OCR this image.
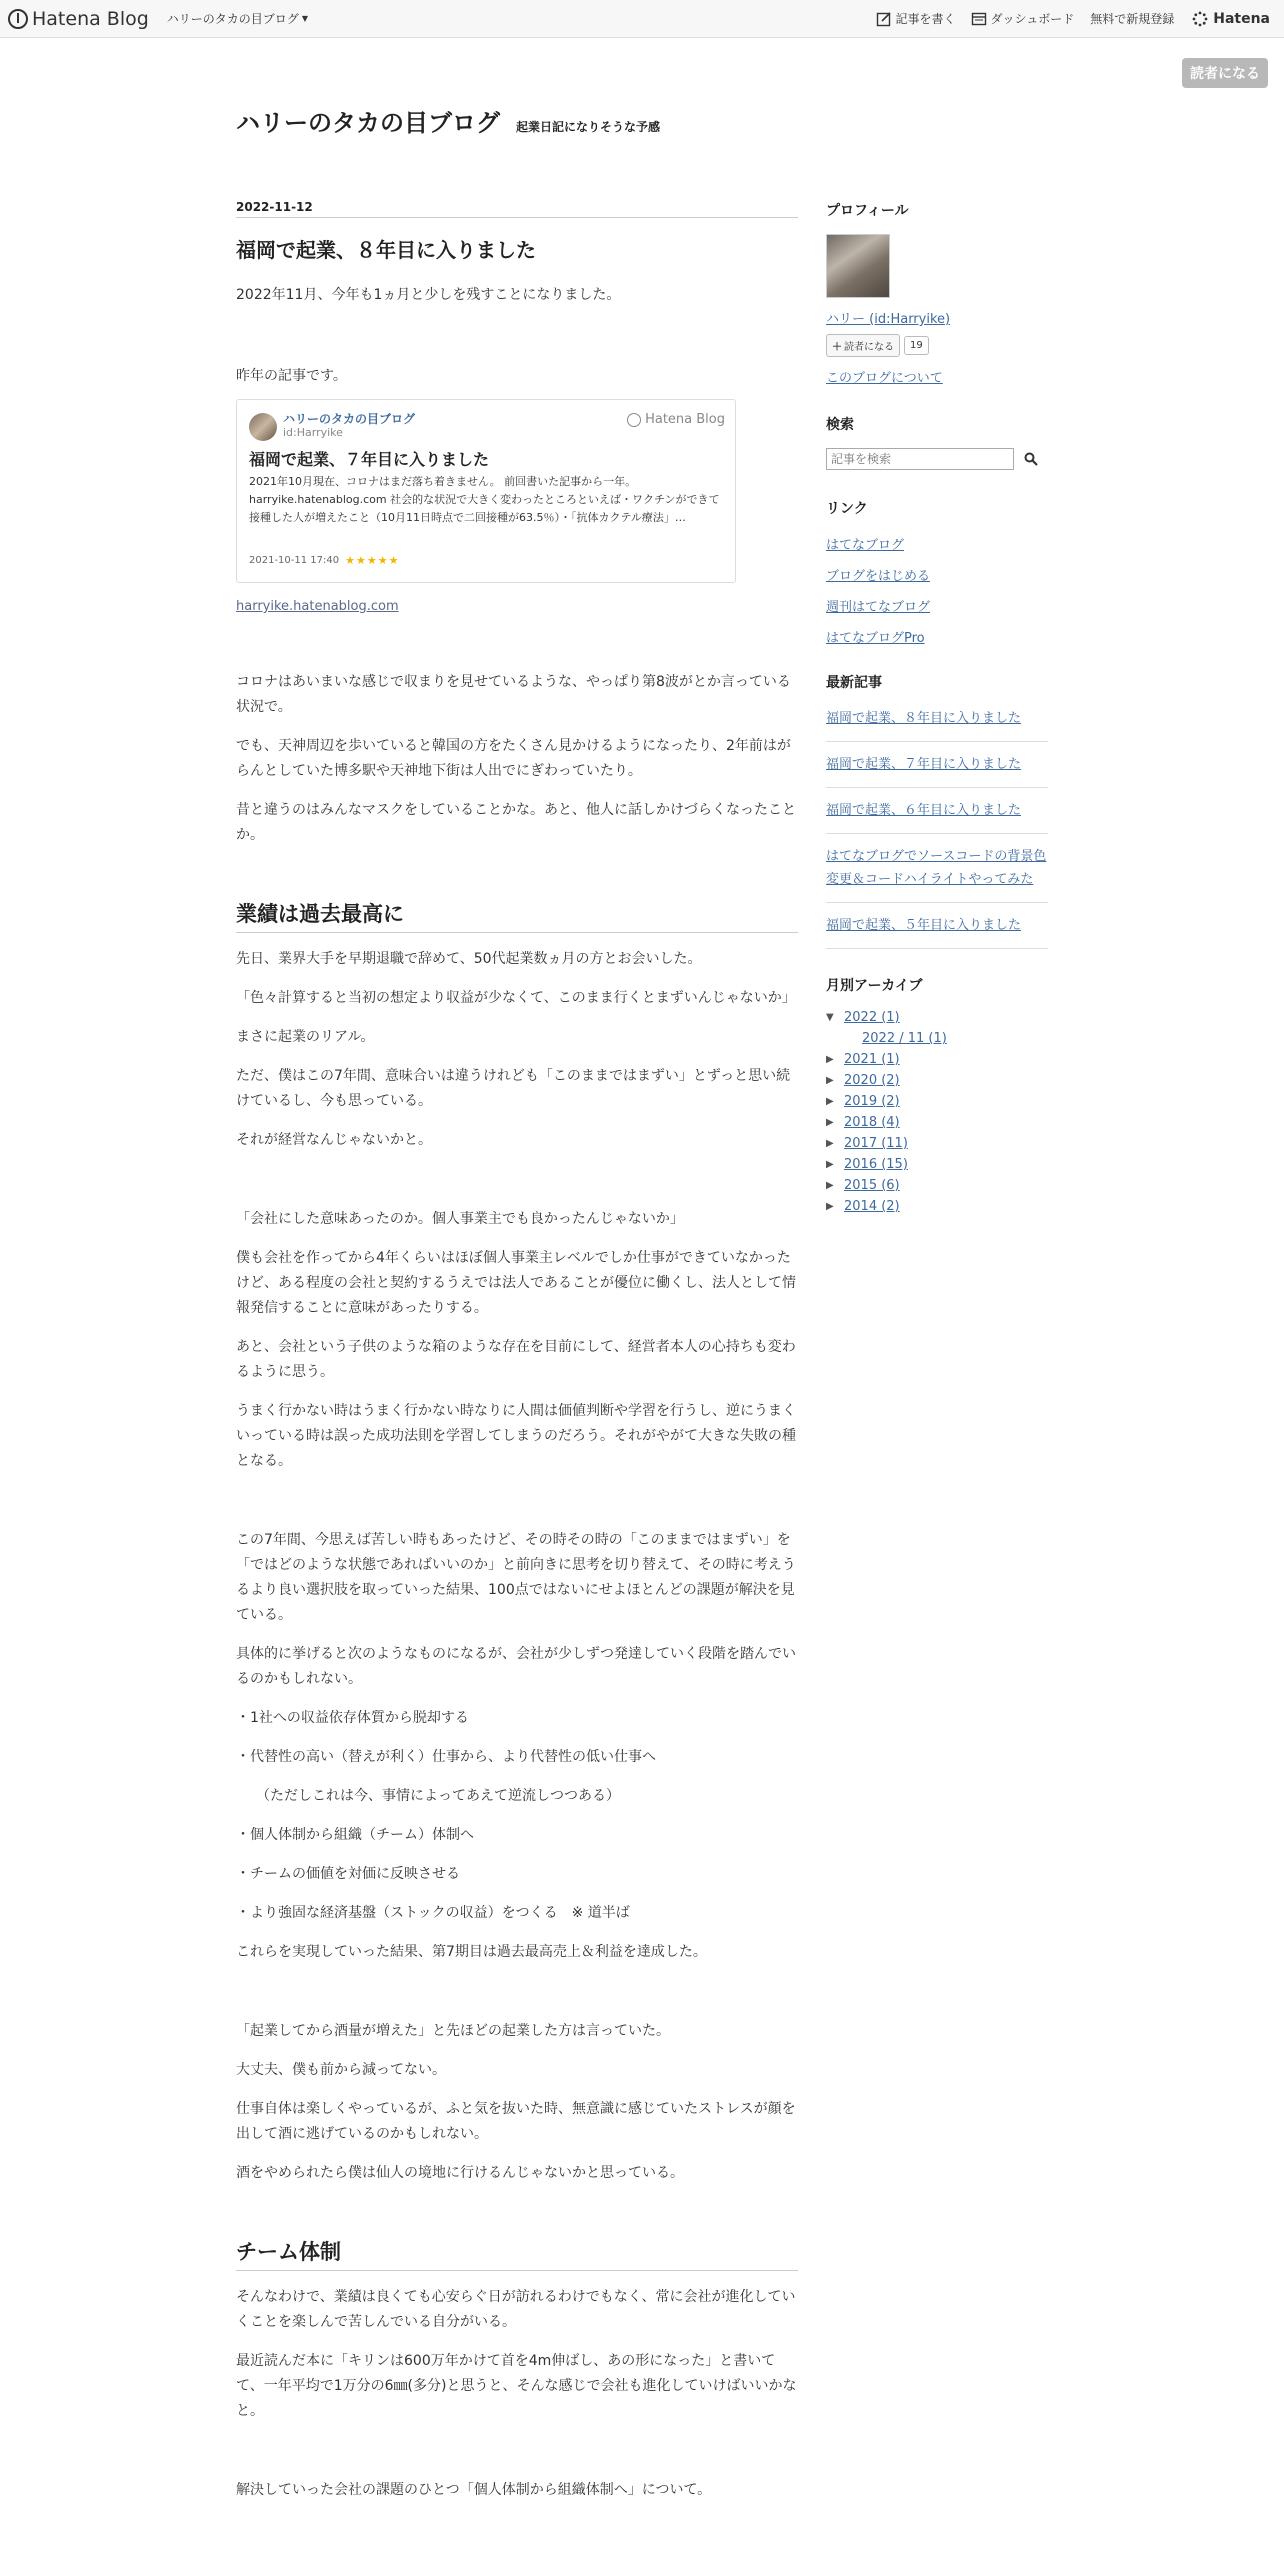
Hatena Blog ハリーのタカの目ブログ ▼	記事を書く	ダッシュボード 無料で新規登録	Hatena
読者になる
ハリーのタカの目ブログ 起業日記になりそうな予感
2022-11-12
福岡で起業、８年目に入りました
2022年11月、今年も1ヵ月と少しを残すことになりました。
昨年の記事です。
ハリーのタカの目ブログ
id:Harryike
Hatena Blog
福岡で起業、７年目に入りました
2021年10月現在、コロナはまだ落ち着きません。 前回書いた記事から一年。 harryike.hatenablog.com 社会的な状況で大きく変わったところといえば・ワクチンができて接種した人が増えたこと（10月11日時点で二回接種が63.5％）・「抗体カクテル療法」…
2021-10-11 17:40 ★★★★★
harryike.hatenablog.com
コロナはあいまいな感じで収まりを見せているような、やっぱり第8波がとか言っている状況で。
でも、天神周辺を歩いていると韓国の方をたくさん見かけるようになったり、2年前はがらんとしていた博多駅や天神地下街は人出でにぎわっていたり。
昔と違うのはみんなマスクをしていることかな。あと、他人に話しかけづらくなったことか。
業績は過去最高に
先日、業界大手を早期退職で辞めて、50代起業数ヵ月の方とお会いした。
「色々計算すると当初の想定より収益が少なくて、このまま行くとまずいんじゃないか」
まさに起業のリアル。
ただ、僕はこの7年間、意味合いは違うけれども「このままではまずい」とずっと思い続けているし、今も思っている。
それが経営なんじゃないかと。
「会社にした意味あったのか。個人事業主でも良かったんじゃないか」
僕も会社を作ってから4年くらいはほぼ個人事業主レベルでしか仕事ができていなかったけど、ある程度の会社と契約するうえでは法人であることが優位に働くし、法人として情報発信することに意味があったりする。
あと、会社という子供のような箱のような存在を目前にして、経営者本人の心持ちも変わるように思う。
うまく行かない時はうまく行かない時なりに人間は価値判断や学習を行うし、逆にうまくいっている時は誤った成功法則を学習してしまうのだろう。それがやがて大きな失敗の種となる。
この7年間、今思えば苦しい時もあったけど、その時その時の「このままではまずい」を「ではどのような状態であればいいのか」と前向きに思考を切り替えて、その時に考えうるより良い選択肢を取っていった結果、100点ではないにせよほとんどの課題が解決を見ている。
具体的に挙げると次のようなものになるが、会社が少しずつ発達していく段階を踏んでいるのかもしれない。
・1社への収益依存体質から脱却する
・代替性の高い（替えが利く）仕事から、より代替性の低い仕事へ
（ただしこれは今、事情によってあえて逆流しつつある）
・個人体制から組織（チーム）体制へ
・チームの価値を対価に反映させる
・より強固な経済基盤（ストックの収益）をつくる　※ 道半ば
これらを実現していった結果、第7期目は過去最高売上＆利益を達成した。
「起業してから酒量が増えた」と先ほどの起業した方は言っていた。
大丈夫、僕も前から減ってない。
仕事自体は楽しくやっているが、ふと気を抜いた時、無意識に感じていたストレスが顔を出して酒に逃げているのかもしれない。
酒をやめられたら僕は仙人の境地に行けるんじゃないかと思っている。
チーム体制
そんなわけで、業績は良くても心安らぐ日が訪れるわけでもなく、常に会社が進化していくことを楽しんで苦しんでいる自分がいる。
最近読んだ本に「キリンは600万年かけて首を4m伸ばし、あの形になった」と書いてて、一年平均で1万分の6㎜(多分)と思うと、そんな感じで会社も進化していけばいいかなと。
解決していった会社の課題のひとつ「個人体制から組織体制へ」について。
プロフィール
ハリー (id:Harryike)
＋ 読者になる	19
このブログについて
検索
記事を検索
リンク
はてなブログ
ブログをはじめる
週刊はてなブログ
はてなブログPro
最新記事
福岡で起業、８年目に入りました
福岡で起業、７年目に入りました
福岡で起業、６年目に入りました
はてなブログでソースコードの背景色変更＆コードハイライトやってみた
福岡で起業、５年目に入りました
月別アーカイブ
▼ 2022 (1)
2022 / 11 (1)
▶ 2021 (1)
▶ 2020 (2)
▶ 2019 (2)
▶ 2018 (4)
▶ 2017 (11)
▶ 2016 (15)
▶ 2015 (6)
▶ 2014 (2)
